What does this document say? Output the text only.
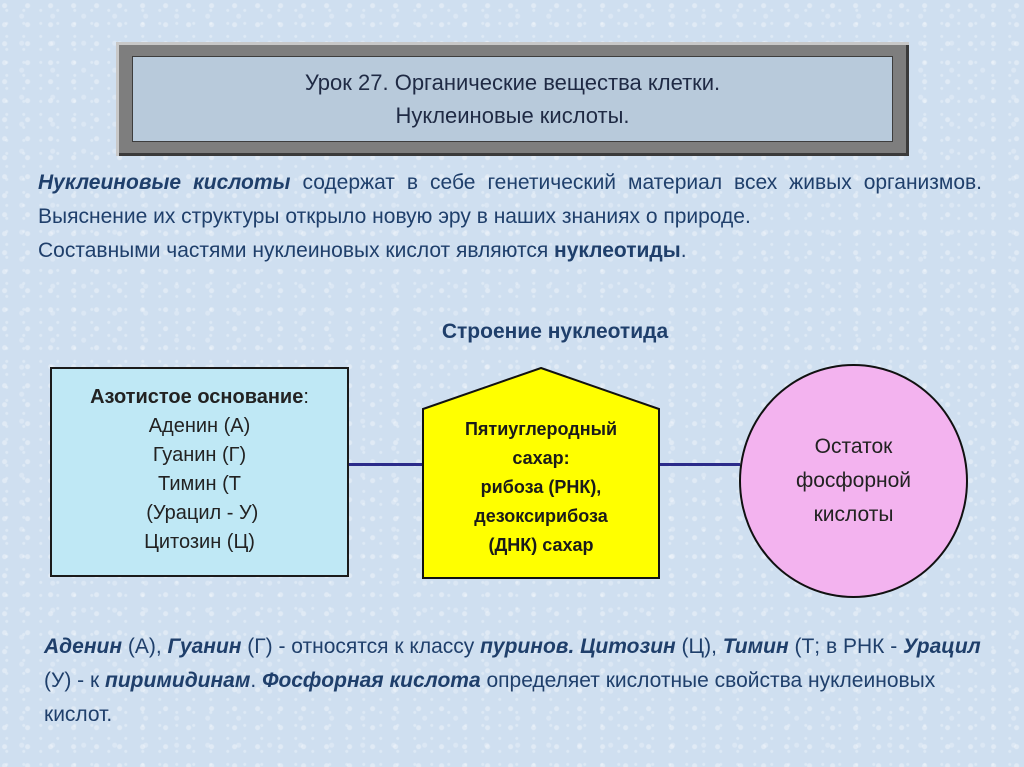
Урок 27. Органические вещества клетки.
Нуклеиновые кислоты.
Нуклеиновые кислоты содержат в себе генетический материал всех живых организмов. Выяснение их структуры открыло новую эру в наших знаниях о природе.
Составными частями нуклеиновых кислот являются нуклеотиды.
Строение нуклеотида
Азотистое основание:
Аденин (А)
Гуанин (Г)
Тимин (Т
(Урацил - У)
Цитозин (Ц)
Пятиуглеродный
сахар:
рибоза (РНК),
дезоксирибоза
(ДНК) сахар
Остаток
фосфорной
кислоты
Аденин (А), Гуанин (Г) - относятся к классу пуринов. Цитозин (Ц), Тимин (Т; в РНК - Урацил (У) - к пиримидинам. Фосфорная кислота определяет кислотные свойства нуклеиновых кислот.
